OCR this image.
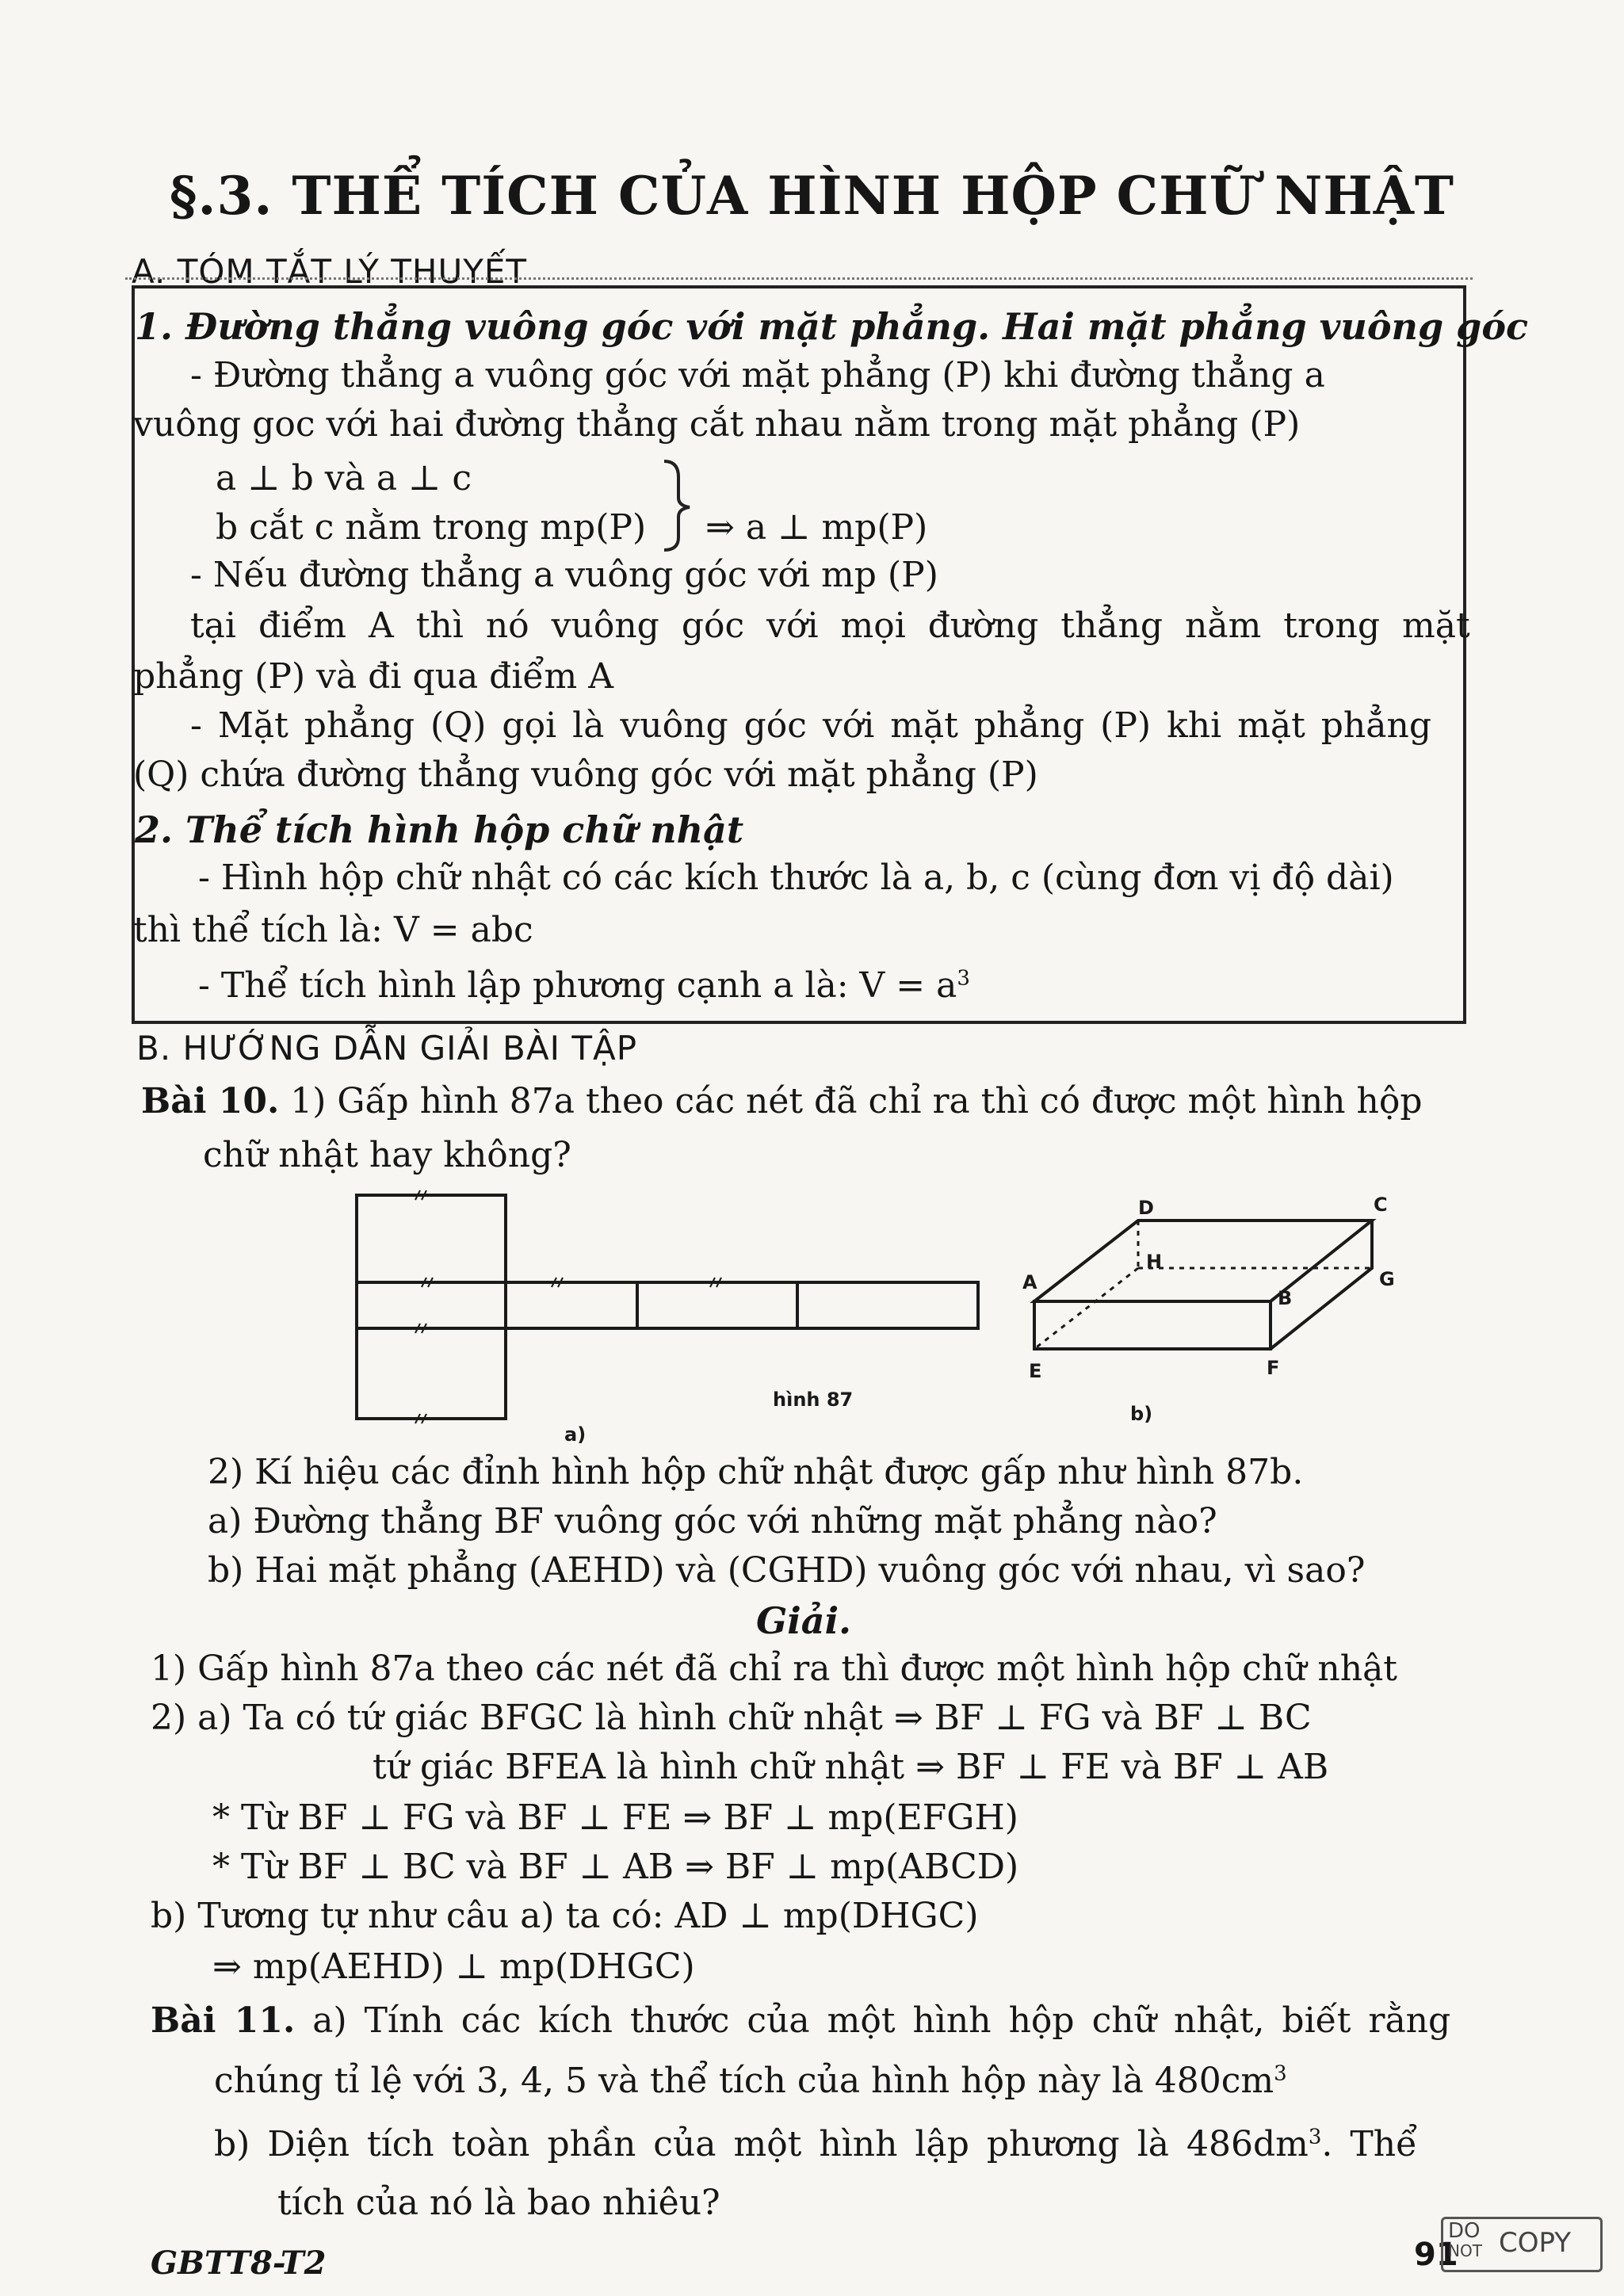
§.3. THỂ TÍCH CỦA HÌNH HỘP CHỮ NHẬT
A. TÓM TẮT LÝ THUYẾT
1. Đường thẳng vuông góc với mặt phẳng. Hai mặt phẳng vuông góc
- Đường thẳng a vuông góc với mặt phẳng (P) khi đường thẳng a
vuông goc với hai đường thẳng cắt nhau nằm trong mặt phẳng (P)
a ⊥ b và a ⊥ c
b cắt c nằm trong mp(P) ⇒ a ⊥ mp(P)
- Nếu đường thẳng a vuông góc với mp (P)
tại điểm A thì nó vuông góc với mọi đường thẳng nằm trong mặt
phẳng (P) và đi qua điểm A
- Mặt phẳng (Q) gọi là vuông góc với mặt phẳng (P) khi mặt phẳng
(Q) chứa đường thẳng vuông góc với mặt phẳng (P)
2. Thể tích hình hộp chữ nhật
- Hình hộp chữ nhật có các kích thước là a, b, c (cùng đơn vị độ dài)
thì thể tích là: V = abc
- Thể tích hình lập phương cạnh a là: $V = a^3$
B. HƯỚNG DẪN GIẢI BÀI TẬP
Bài 10. 1) Gấp hình 87a theo các nét đã chỉ ra thì có được một hình hộp
chữ nhật hay không?
D	C
H
A	G
B
E	F
hình 87
a)
b)
2) Kí hiệu các đỉnh hình hộp chữ nhật được gấp như hình 87b.
a) Đường thẳng BF vuông góc với những mặt phẳng nào?
b) Hai mặt phẳng (AEHD) và (CGHD) vuông góc với nhau, vì sao?
Giải.
1) Gấp hình 87a theo các nét đã chỉ ra thì được một hình hộp chữ nhật
2) a) Ta có tứ giác BFGC là hình chữ nhật ⇒ BF ⊥ FG và BF ⊥ BC
tứ giác BFEA là hình chữ nhật ⇒ BF ⊥ FE và BF ⊥ AB
* Từ BF ⊥ FG và BF ⊥ FE ⇒ BF ⊥ mp(EFGH)
* Từ BF ⊥ BC và BF ⊥ AB ⇒ BF ⊥ mp(ABCD)
b) Tương tự như câu a) ta có: AD ⊥ mp(DHGC)
⇒ mp(AEHD) ⊥ mp(DHGC)
Bài 11. a) Tính các kích thước của một hình hộp chữ nhật, biết rằng
chúng tỉ lệ với 3, 4, 5 và thể tích của hình hộp này là $480cm^3$
b) Diện tích toàn phần của một hình lập phương là $486dm^3$. Thể
tích của nó là bao nhiêu?
GBTT8-T2	91
DO
NOT COPY
